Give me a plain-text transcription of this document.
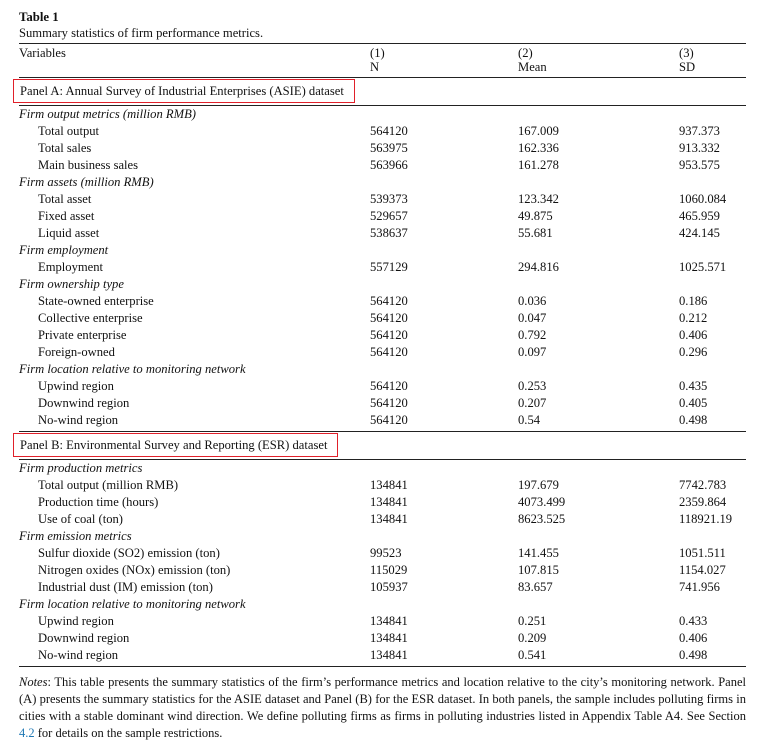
Table 1
Summary statistics of firm performance metrics.
Variables	(1)	(2)	(3)
	N	Mean	SD
Panel A: Annual Survey of Industrial Enterprises (ASIE) dataset
Firm output metrics (million RMB)			
Total output	564120	167.009	937.373
Total sales	563975	162.336	913.332
Main business sales	563966	161.278	953.575
Firm assets (million RMB)			
Total asset	539373	123.342	1060.084
Fixed asset	529657	49.875	465.959
Liquid asset	538637	55.681	424.145
Firm employment			
Employment	557129	294.816	1025.571
Firm ownership type			
State-owned enterprise	564120	0.036	0.186
Collective enterprise	564120	0.047	0.212
Private enterprise	564120	0.792	0.406
Foreign-owned	564120	0.097	0.296
Firm location relative to monitoring network			
Upwind region	564120	0.253	0.435
Downwind region	564120	0.207	0.405
No-wind region	564120	0.54	0.498
Panel B: Environmental Survey and Reporting (ESR) dataset
Firm production metrics			
Total output (million RMB)	134841	197.679	7742.783
Production time (hours)	134841	4073.499	2359.864
Use of coal (ton)	134841	8623.525	118921.19
Firm emission metrics			
Sulfur dioxide (SO2) emission (ton)	99523	141.455	1051.511
Nitrogen oxides (NOx) emission (ton)	115029	107.815	1154.027
Industrial dust (IM) emission (ton)	105937	83.657	741.956
Firm location relative to monitoring network			
Upwind region	134841	0.251	0.433
Downwind region	134841	0.209	0.406
No-wind region	134841	0.541	0.498
Notes: This table presents the summary statistics of the firm’s performance metrics and location relative to the city’s monitoring network. Panel (A) presents the summary statistics for the ASIE dataset and Panel (B) for the ESR dataset. In both panels, the sample includes polluting firms in cities with a stable dominant wind direction. We define polluting firms as firms in polluting industries listed in Appendix Table A4. See Section 4.2 for details on the sample restrictions.
